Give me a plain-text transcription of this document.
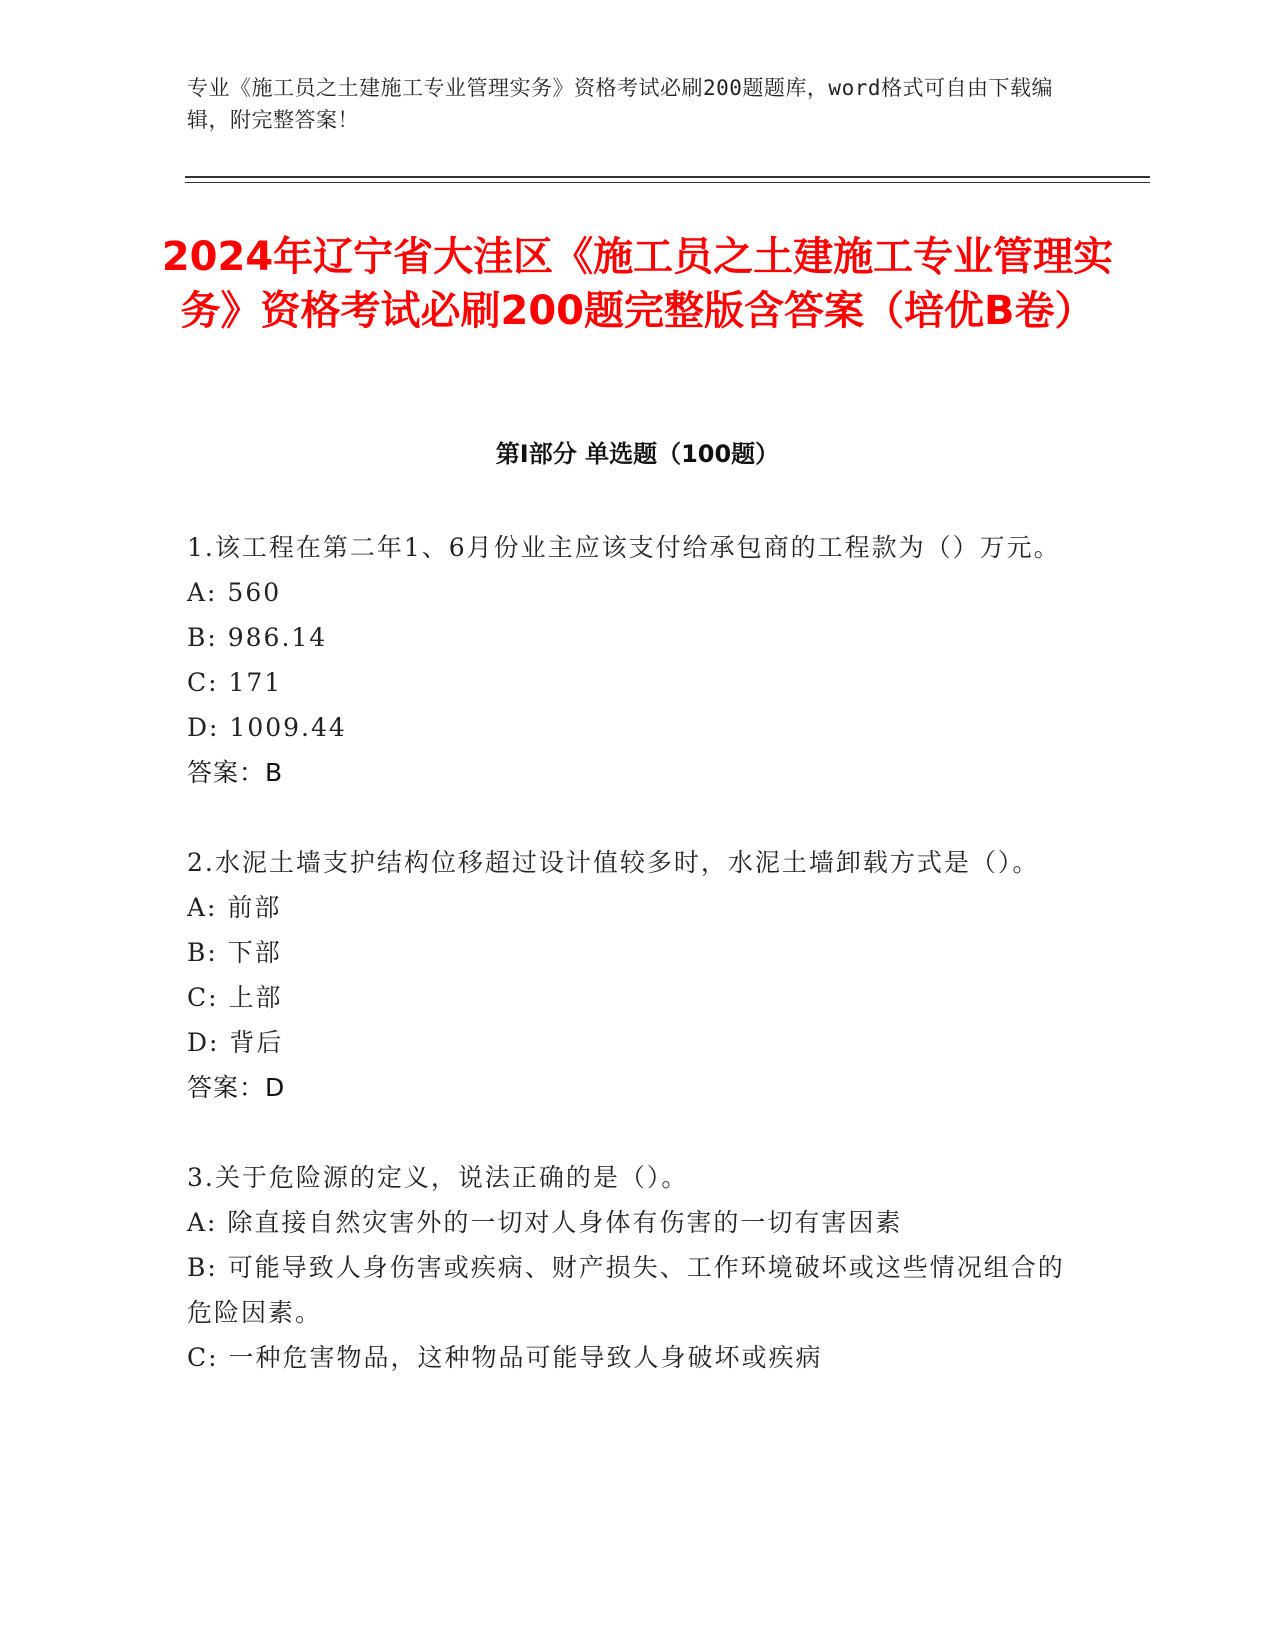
专业《施工员之土建施工专业管理实务》资格考试必刷200题题库，word格式可自由下载编辑，附完整答案！
2024年辽宁省大洼区《施工员之土建施工专业管理实务》资格考试必刷200题完整版含答案（培优B卷）
第I部分 单选题（100题）

1.该工程在第二年1、6月份业主应该支付给承包商的工程款为（）万元。

A: 560

B: 986.14

C: 171

D: 1009.44

答案：B

2.水泥土墙支护结构位移超过设计值较多时，水泥土墙卸载方式是（）。

A: 前部

B: 下部

C: 上部

D: 背后

答案：D

3.关于危险源的定义，说法正确的是（）。

A: 除直接自然灾害外的一切对人身体有伤害的一切有害因素

B: 可能导致人身伤害或疾病、财产损失、工作环境破坏或这些情况组合的危险因素。

C: 一种危害物品，这种物品可能导致人身破坏或疾病
